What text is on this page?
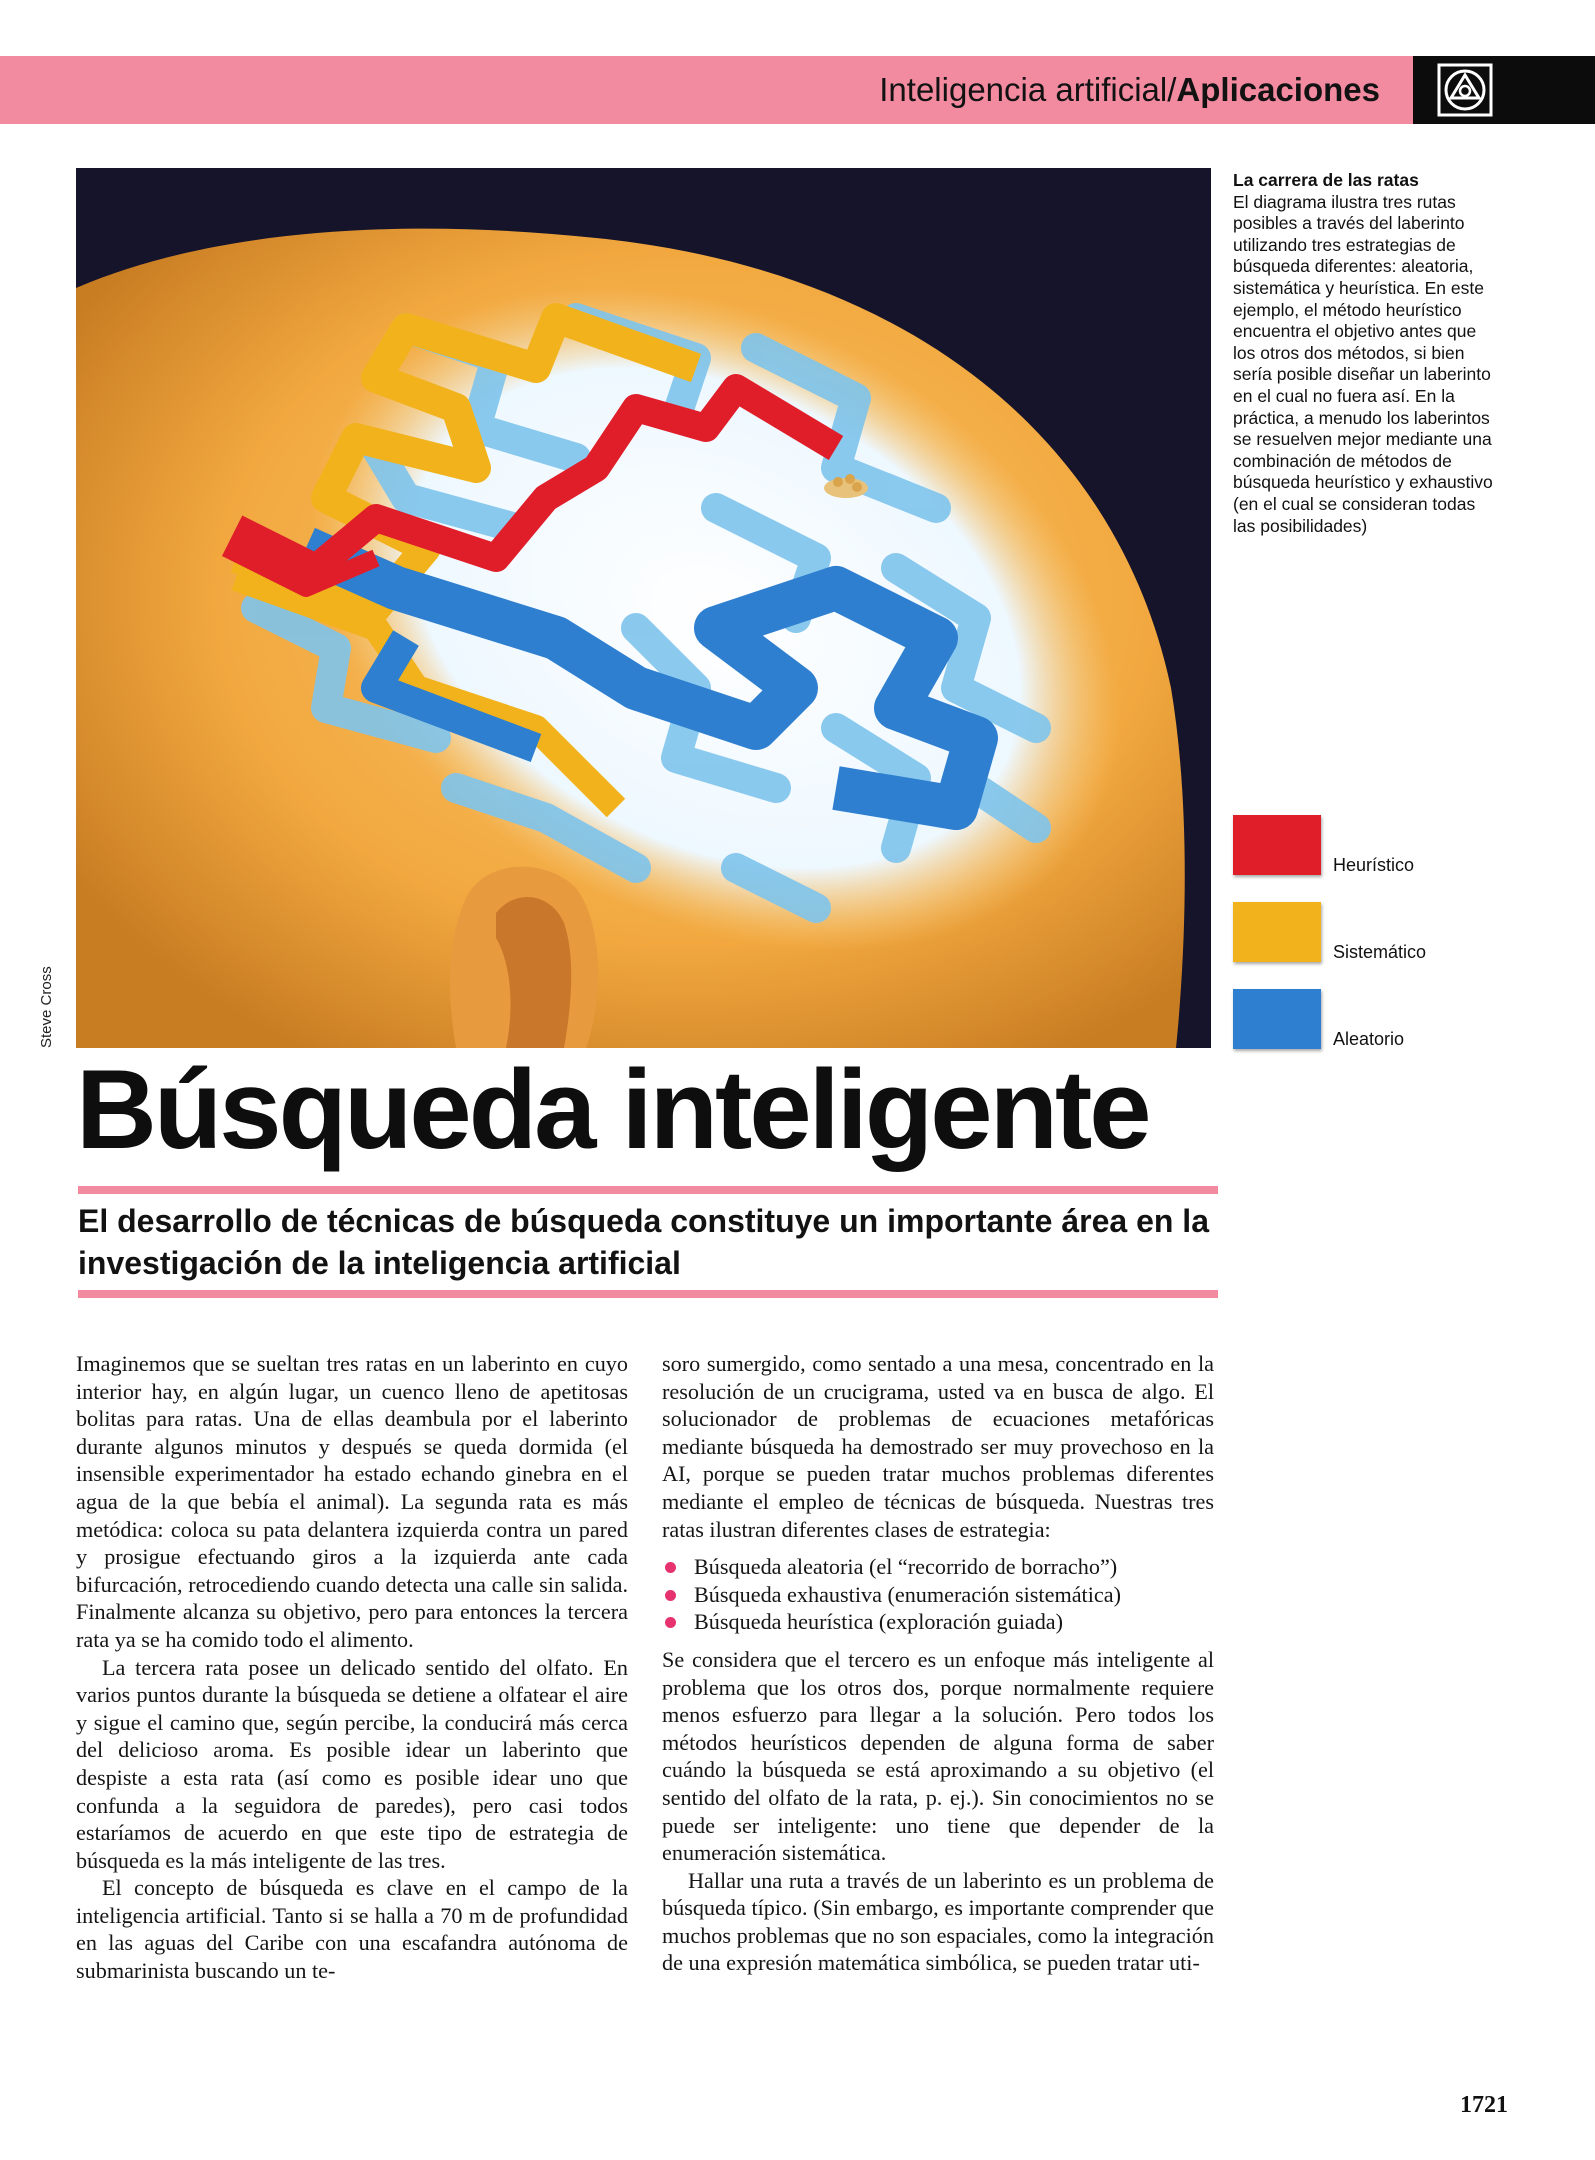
Inteligencia artificial/Aplicaciones
Steve Cross
La carrera de las ratas
El diagrama ilustra tres rutas posibles a través del laberinto utilizando tres estrategias de búsqueda diferentes: aleatoria, sistemática y heurística. En este ejemplo, el método heurístico encuentra el objetivo antes que los otros dos métodos, si bien sería posible diseñar un laberinto en el cual no fuera así. En la práctica, a menudo los laberintos se resuelven mejor mediante una combinación de métodos de búsqueda heurístico y exhaustivo (en el cual se consideran todas las posibilidades)
Heurístico
Sistemático
Aleatorio
Búsqueda inteligente
El desarrollo de técnicas de búsqueda constituye un importante área en la investigación de la inteligencia artificial

Imaginemos que se sueltan tres ratas en un laberinto en cuyo interior hay, en algún lugar, un cuenco lleno de apetitosas bolitas para ratas. Una de ellas deambula por el laberinto durante algunos minutos y después se queda dormida (el insensible experimentador ha estado echando ginebra en el agua de la que bebía el animal). La segunda rata es más metódica: coloca su pata delantera izquierda contra un pared y prosigue efectuando giros a la izquierda ante cada bifurcación, retrocediendo cuando detecta una calle sin salida. Finalmente alcanza su objetivo, pero para entonces la tercera rata ya se ha comido todo el alimento.

La tercera rata posee un delicado sentido del olfato. En varios puntos durante la búsqueda se detiene a olfatear el aire y sigue el camino que, según percibe, la conducirá más cerca del delicioso aroma. Es posible idear un laberinto que despiste a esta rata (así como es posible idear uno que confunda a la seguidora de paredes), pero casi todos estaríamos de acuerdo en que este tipo de estrategia de búsqueda es la más inteligente de las tres.

El concepto de búsqueda es clave en el campo de la inteligencia artificial. Tanto si se halla a 70 m de profundidad en las aguas del Caribe con una escafandra autónoma de submarinista buscando un te-

soro sumergido, como sentado a una mesa, concentrado en la resolución de un crucigrama, usted va en busca de algo. El solucionador de problemas de ecuaciones metafóricas mediante búsqueda ha demostrado ser muy provechoso en la AI, porque se pueden tratar muchos problemas diferentes mediante el empleo de técnicas de búsqueda. Nuestras tres ratas ilustran diferentes clases de estrategia:

Búsqueda aleatoria (el “recorrido de borracho”)
Búsqueda exhaustiva (enumeración sistemática)
Búsqueda heurística (exploración guiada)

Se considera que el tercero es un enfoque más inteligente al problema que los otros dos, porque normalmente requiere menos esfuerzo para llegar a la solución. Pero todos los métodos heurísticos dependen de alguna forma de saber cuándo la búsqueda se está aproximando a su objetivo (el sentido del olfato de la rata, p. ej.). Sin conocimientos no se puede ser inteligente: uno tiene que depender de la enumeración sistemática.

Hallar una ruta a través de un laberinto es un problema de búsqueda típico. (Sin embargo, es importante comprender que muchos problemas que no son espaciales, como la integración de una expresión matemática simbólica, se pueden tratar uti-

1721
